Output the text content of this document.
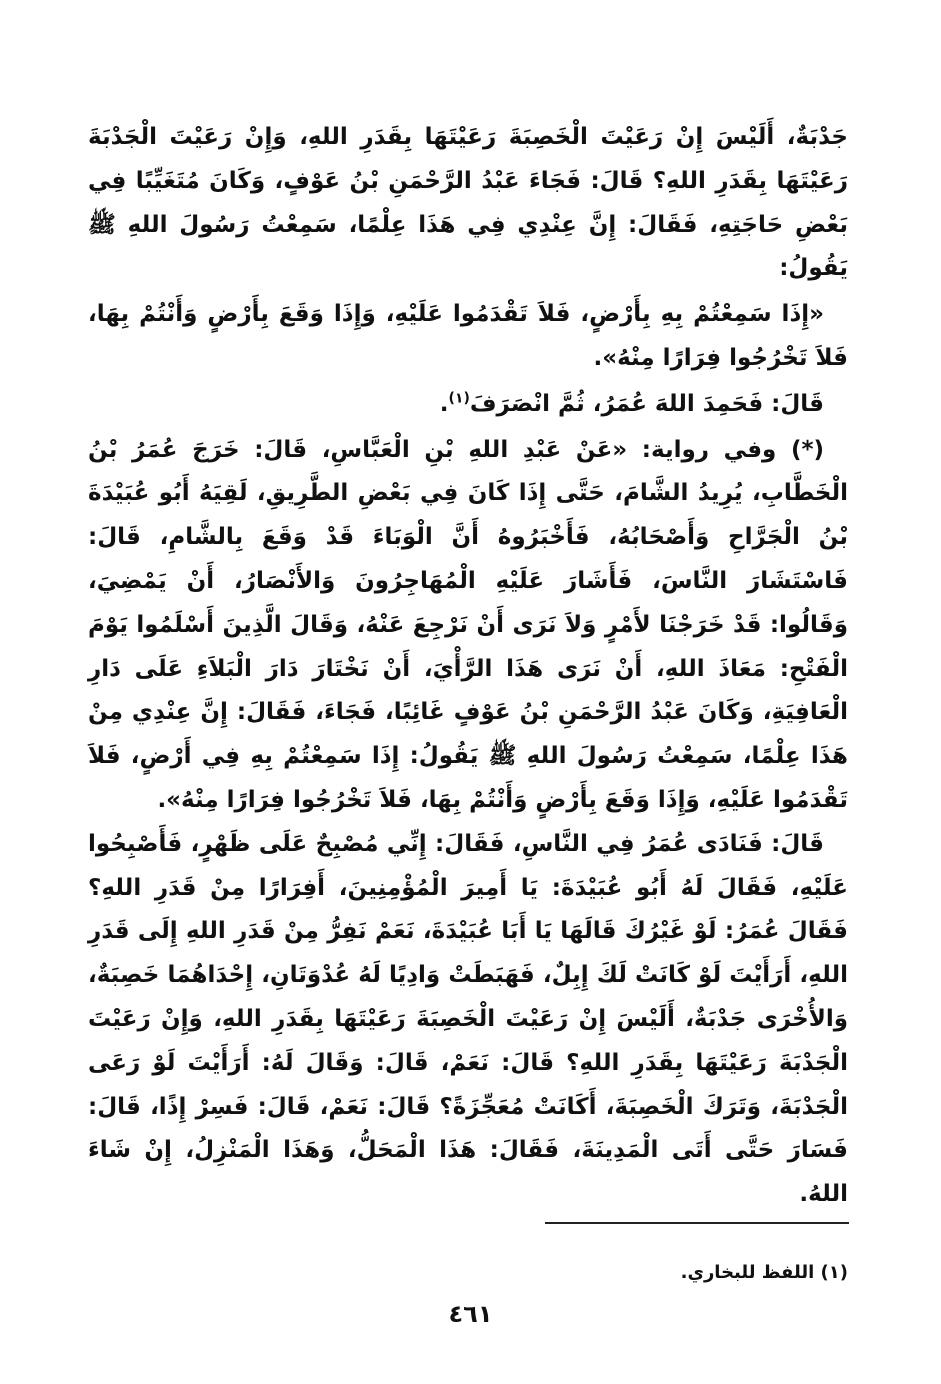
جَدْبَةٌ، أَلَيْسَ إِنْ رَعَيْتَ الْخَصِبَةَ رَعَيْتَهَا بِقَدَرِ اللهِ، وَإِنْ رَعَيْتَ الْجَدْبَةَ رَعَيْتَهَا بِقَدَرِ اللهِ؟ قَالَ: فَجَاءَ عَبْدُ الرَّحْمَنِ بْنُ عَوْفٍ، وَكَانَ مُتَغَيِّبًا فِي بَعْضِ حَاجَتِهِ، فَقَالَ: إِنَّ عِنْدِي فِي هَذَا عِلْمًا، سَمِعْتُ رَسُولَ اللهِ ﷺ يَقُولُ:

«إِذَا سَمِعْتُمْ بِهِ بِأَرْضٍ، فَلاَ تَقْدَمُوا عَلَيْهِ، وَإِذَا وَقَعَ بِأَرْضٍ وَأَنْتُمْ بِهَا، فَلاَ تَخْرُجُوا فِرَارًا مِنْهُ».

قَالَ: فَحَمِدَ اللهَ عُمَرُ، ثُمَّ انْصَرَفَ$^{(١)}$.

(*) وفي رواية: «عَنْ عَبْدِ اللهِ بْنِ الْعَبَّاسِ، قَالَ: خَرَجَ عُمَرُ بْنُ الْخَطَّابِ، يُرِيدُ الشَّامَ، حَتَّى إِذَا كَانَ فِي بَعْضِ الطَّرِيقِ، لَقِيَهُ أَبُو عُبَيْدَةَ بْنُ الْجَرَّاحِ وَأَصْحَابُهُ، فَأَخْبَرُوهُ أَنَّ الْوَبَاءَ قَدْ وَقَعَ بِالشَّامِ، قَالَ: فَاسْتَشَارَ النَّاسَ، فَأَشَارَ عَلَيْهِ الْمُهَاجِرُونَ وَالأَنْصَارُ، أَنْ يَمْضِيَ، وَقَالُوا: قَدْ خَرَجْنَا لأَمْرٍ وَلاَ نَرَى أَنْ نَرْجِعَ عَنْهُ، وَقَالَ الَّذِينَ أَسْلَمُوا يَوْمَ الْفَتْحِ: مَعَاذَ اللهِ، أَنْ نَرَى هَذَا الرَّأْيَ، أَنْ نَخْتَارَ دَارَ الْبَلاَءِ عَلَى دَارِ الْعَافِيَةِ، وَكَانَ عَبْدُ الرَّحْمَنِ بْنُ عَوْفٍ غَائِبًا، فَجَاءَ، فَقَالَ: إِنَّ عِنْدِي مِنْ هَذَا عِلْمًا، سَمِعْتُ رَسُولَ اللهِ ﷺ يَقُولُ: إِذَا سَمِعْتُمْ بِهِ فِي أَرْضٍ، فَلاَ تَقْدَمُوا عَلَيْهِ، وَإِذَا وَقَعَ بِأَرْضٍ وَأَنْتُمْ بِهَا، فَلاَ تَخْرُجُوا فِرَارًا مِنْهُ».

قَالَ: فَنَادَى عُمَرُ فِي النَّاسِ، فَقَالَ: إِنِّي مُصْبِحٌ عَلَى ظَهْرٍ، فَأَصْبِحُوا عَلَيْهِ، فَقَالَ لَهُ أَبُو عُبَيْدَةَ: يَا أَمِيرَ الْمُؤْمِنِينَ، أَفِرَارًا مِنْ قَدَرِ اللهِ؟ فَقَالَ عُمَرُ: لَوْ غَيْرُكَ قَالَهَا يَا أَبَا عُبَيْدَةَ، نَعَمْ نَفِرُّ مِنْ قَدَرِ اللهِ إِلَى قَدَرِ اللهِ، أَرَأَيْتَ لَوْ كَانَتْ لَكَ إِبِلٌ، فَهَبَطَتْ وَادِيًا لَهُ عُدْوَتَانِ، إِحْدَاهُمَا خَصِبَةٌ، وَالأُخْرَى جَدْبَةٌ، أَلَيْسَ إِنْ رَعَيْتَ الْخَصِبَةَ رَعَيْتَهَا بِقَدَرِ اللهِ، وَإِنْ رَعَيْتَ الْجَدْبَةَ رَعَيْتَهَا بِقَدَرِ اللهِ؟ قَالَ: نَعَمْ، قَالَ: وَقَالَ لَهُ: أَرَأَيْتَ لَوْ رَعَى الْجَدْبَةَ، وَتَرَكَ الْخَصِبَةَ، أَكَانَتْ مُعَجِّزَةً؟ قَالَ: نَعَمْ، قَالَ: فَسِرْ إِذًا، قَالَ: فَسَارَ حَتَّى أَتَى الْمَدِينَةَ، فَقَالَ: هَذَا الْمَحَلُّ، وَهَذَا الْمَنْزِلُ، إِنْ شَاءَ اللهُ.

(١) اللفظ للبخاري.
٤٦١
